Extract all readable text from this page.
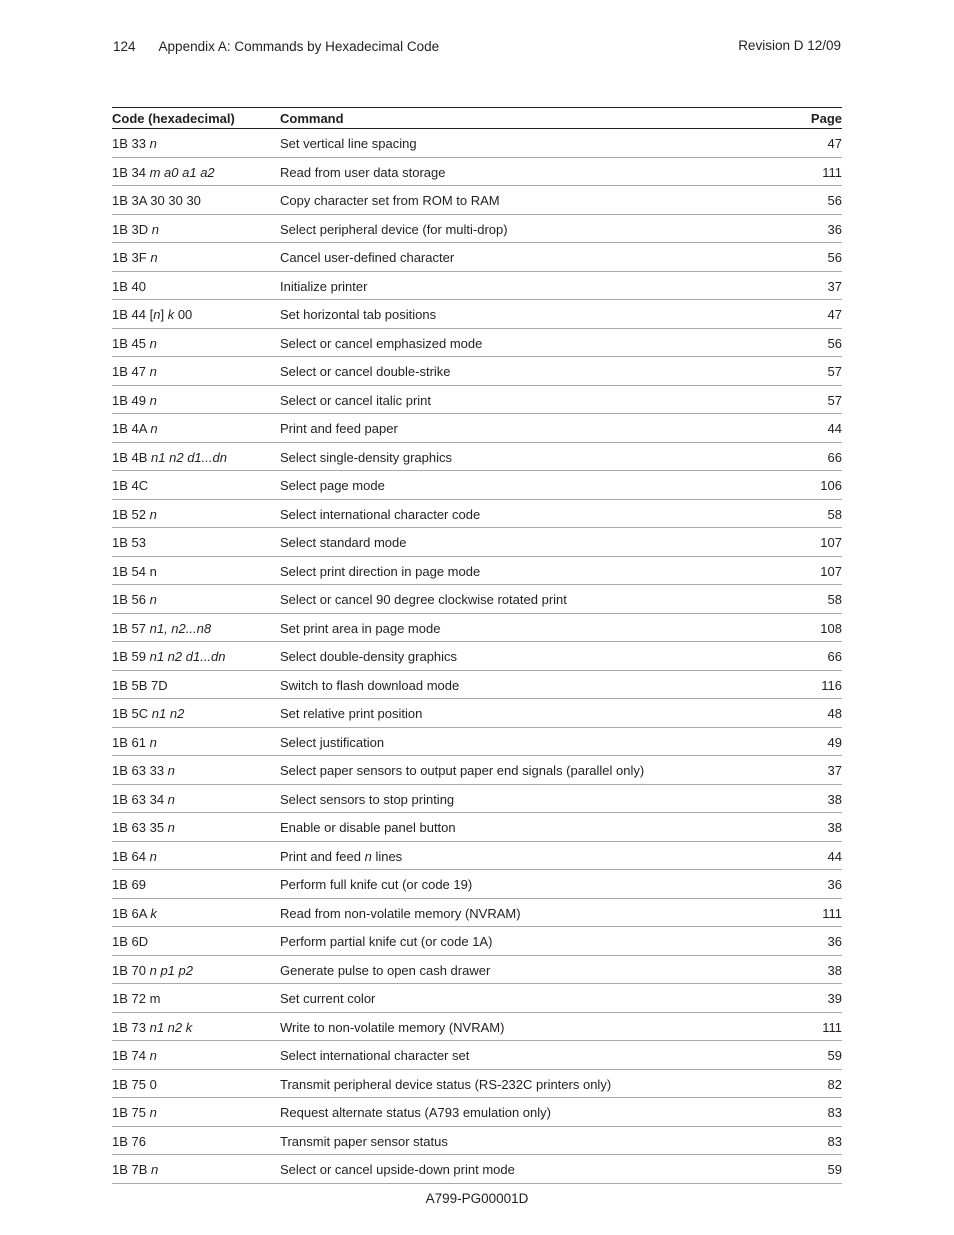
124 Appendix A: Commands by Hexadecimal Code	Revision D 12/09
Code (hexadecimal)	Command	Page
1B 33 n	Set vertical line spacing	47
1B 34 m a0 a1 a2	Read from user data storage	111
1B 3A 30 30 30	Copy character set from ROM to RAM	56
1B 3D n	Select peripheral device (for multi-drop)	36
1B 3F n	Cancel user-defined character	56
1B 40	Initialize printer	37
1B 44 [n] k 00	Set horizontal tab positions	47
1B 45 n	Select or cancel emphasized mode	56
1B 47 n	Select or cancel double-strike	57
1B 49 n	Select or cancel italic print	57
1B 4A n	Print and feed paper	44
1B 4B n1 n2 d1...dn	Select single-density graphics	66
1B 4C	Select page mode	106
1B 52 n	Select international character code	58
1B 53	Select standard mode	107
1B 54 n	Select print direction in page mode	107
1B 56 n	Select or cancel 90 degree clockwise rotated print	58
1B 57 n1, n2...n8	Set print area in page mode	108
1B 59 n1 n2 d1...dn	Select double-density graphics	66
1B 5B 7D	Switch to flash download mode	116
1B 5C n1 n2	Set relative print position	48
1B 61 n	Select justification	49
1B 63 33 n	Select paper sensors to output paper end signals (parallel only)	37
1B 63 34 n	Select sensors to stop printing	38
1B 63 35 n	Enable or disable panel button	38
1B 64 n	Print and feed n lines	44
1B 69	Perform full knife cut (or code 19)	36
1B 6A k	Read from non-volatile memory (NVRAM)	111
1B 6D	Perform partial knife cut (or code 1A)	36
1B 70 n p1 p2	Generate pulse to open cash drawer	38
1B 72 m	Set current color	39
1B 73 n1 n2 k	Write to non-volatile memory (NVRAM)	111
1B 74 n	Select international character set	59
1B 75 0	Transmit peripheral device status (RS-232C printers only)	82
1B 75 n	Request alternate status (A793 emulation only)	83
1B 76	Transmit paper sensor status	83
1B 7B n	Select or cancel upside-down print mode	59
A799-PG00001D
